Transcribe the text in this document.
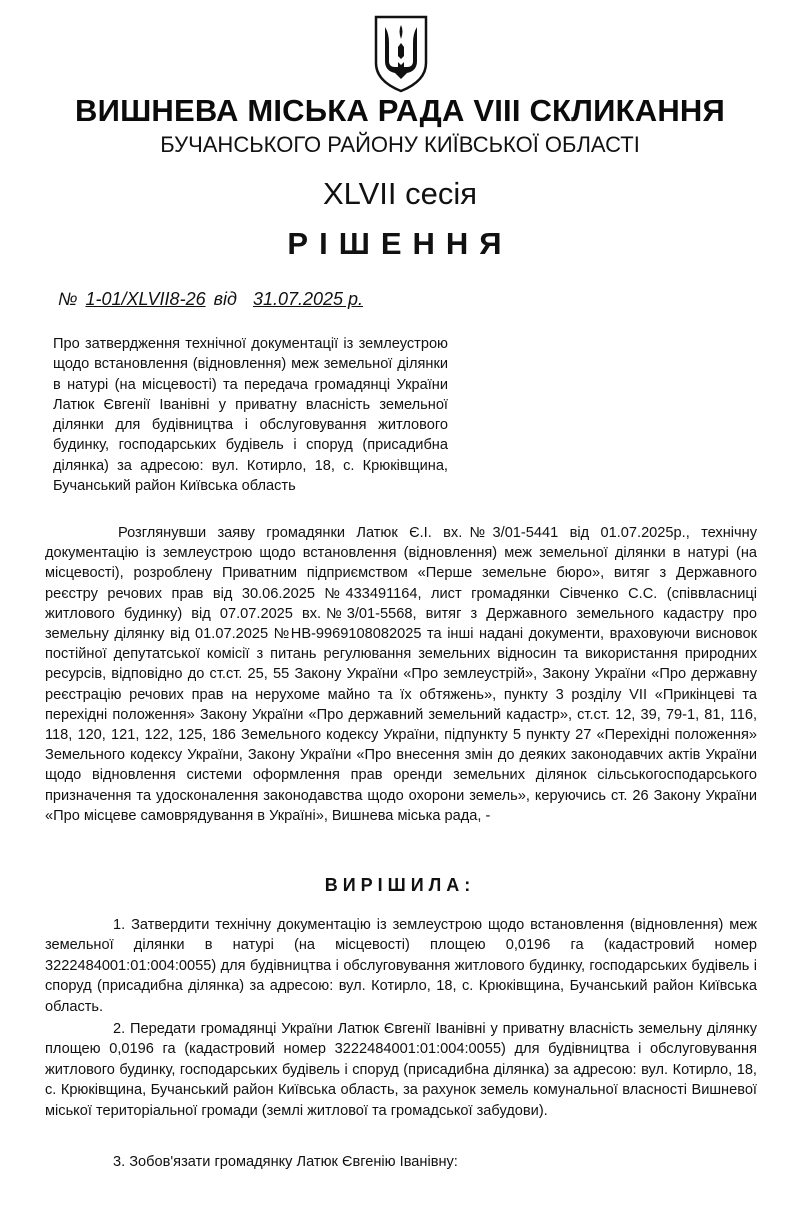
ВИШНЕВА МІСЬКА РАДА VIII СКЛИКАННЯ
БУЧАНСЬКОГО РАЙОНУ КИЇВСЬКОЇ ОБЛАСТІ
XLVII сесія
РІШЕННЯ
№ 1-01/XLVII8-26 від 31.07.2025 р.
Про затвердження технічної документації із землеустрою щодо встановлення (відновлення) меж земельної ділянки в натурі (на місцевості) та передача громадянці України Латюк Євгенії Іванівні у приватну власність земельної ділянки для будівництва і обслуговування житлового будинку, господарських будівель і споруд (присадибна ділянка) за адресою: вул. Котирло, 18, с. Крюківщина, Бучанський район Київська область
Розглянувши заяву громадянки Латюк Є.І. вх.№3/01-5441 від 01.07.2025р., технічну документацію із землеустрою щодо встановлення (відновлення) меж земельної ділянки в натурі (на місцевості), розроблену Приватним підприємством «Перше земельне бюро», витяг з Державного реєстру речових прав від 30.06.2025 №433491164, лист громадянки Сівченко С.С. (співвласниці житлового будинку) від 07.07.2025 вх.№3/01-5568, витяг з Державного земельного кадастру про земельну ділянку від 01.07.2025 №НВ-9969108082025 та інші надані документи, враховуючи висновок постійної депутатської комісії з питань регулювання земельних відносин та використання природних ресурсів, відповідно до ст.ст. 25, 55 Закону України «Про землеустрій», Закону України «Про державну реєстрацію речових прав на нерухоме майно та їх обтяжень», пункту 3 розділу VII «Прикінцеві та перехідні положення» Закону України «Про державний земельний кадастр», ст.ст. 12, 39, 79-1, 81, 116, 118, 120, 121, 122, 125, 186 Земельного кодексу України, підпункту 5 пункту 27 «Перехідні положення» Земельного кодексу України, Закону України «Про внесення змін до деяких законодавчих актів України щодо відновлення системи оформлення прав оренди земельних ділянок сільськогосподарського призначення та удосконалення законодавства щодо охорони земель», керуючись ст. 26 Закону України «Про місцеве самоврядування в Україні», Вишнева міська рада, -
ВИРІШИЛА:
1. Затвердити технічну документацію із землеустрою щодо встановлення (відновлення) меж земельної ділянки в натурі (на місцевості) площею 0,0196 га (кадастровий номер 3222484001:01:004:0055) для будівництва і обслуговування житлового будинку, господарських будівель і споруд (присадибна ділянка) за адресою: вул. Котирло, 18, с. Крюківщина, Бучанський район Київська область.
2. Передати громадянці України Латюк Євгенії Іванівні у приватну власність земельну ділянку площею 0,0196 га (кадастровий номер 3222484001:01:004:0055) для будівництва і обслуговування житлового будинку, господарських будівель і споруд (присадибна ділянка) за адресою: вул. Котирло, 18, с. Крюківщина, Бучанський район Київська область, за рахунок земель комунальної власності Вишневої міської територіальної громади (землі житлової та громадської забудови).
3. Зобов'язати громадянку Латюк Євгенію Іванівну:
